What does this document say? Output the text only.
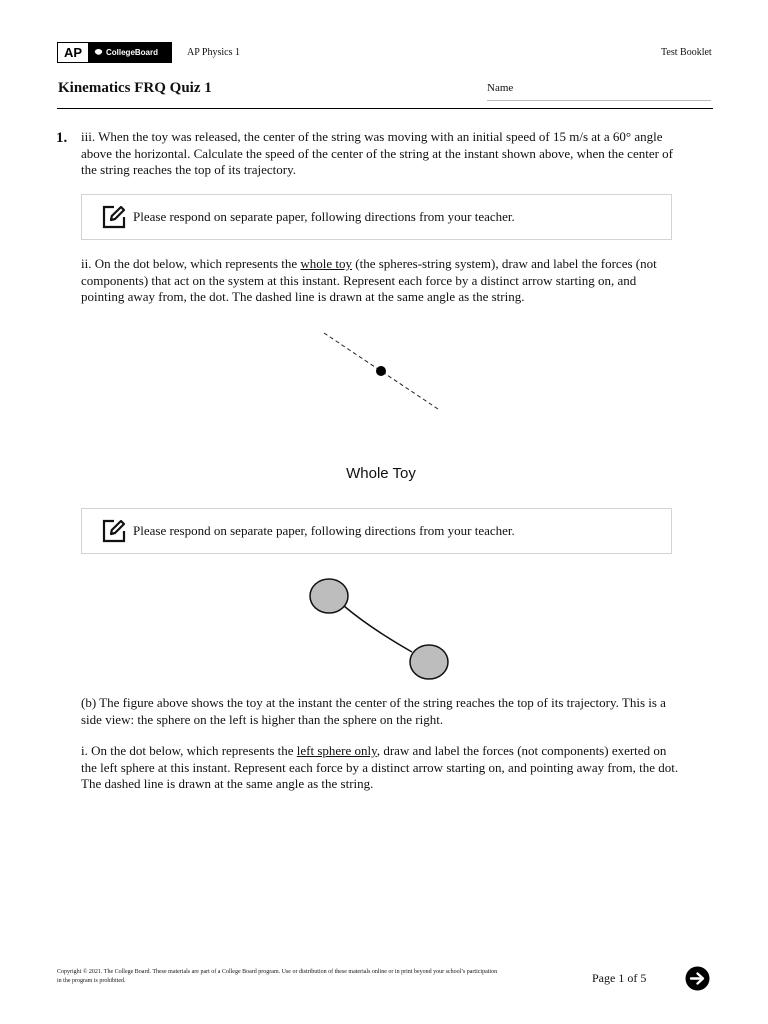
AP	CollegeBoard	AP Physics 1	Test Booklet
Kinematics FRQ Quiz 1	Name
1. iii. When the toy was released, the center of the string was moving with an initial speed of 15 m/s at a 60° angle above the horizontal. Calculate the speed of the center of the string at the instant shown above, when the center of the string reaches the top of its trajectory.
Please respond on separate paper, following directions from your teacher.
ii. On the dot below, which represents the whole toy (the spheres-string system), draw and label the forces (not components) that act on the system at this instant. Represent each force by a distinct arrow starting on, and pointing away from, the dot. The dashed line is drawn at the same angle as the string.
Whole Toy
Please respond on separate paper, following directions from your teacher.
(b) The figure above shows the toy at the instant the center of the string reaches the top of its trajectory. This is a side view: the sphere on the left is higher than the sphere on the right.
i. On the dot below, which represents the left sphere only, draw and label the forces (not components) exerted on the left sphere at this instant. Represent each force by a distinct arrow starting on, and pointing away from, the dot. The dashed line is drawn at the same angle as the string.
Copyright © 2021. The College Board. These materials are part of a College Board program. Use or distribution of these materials online or in print beyond your school’s participation in the program is prohibited.	Page 1 of 5
